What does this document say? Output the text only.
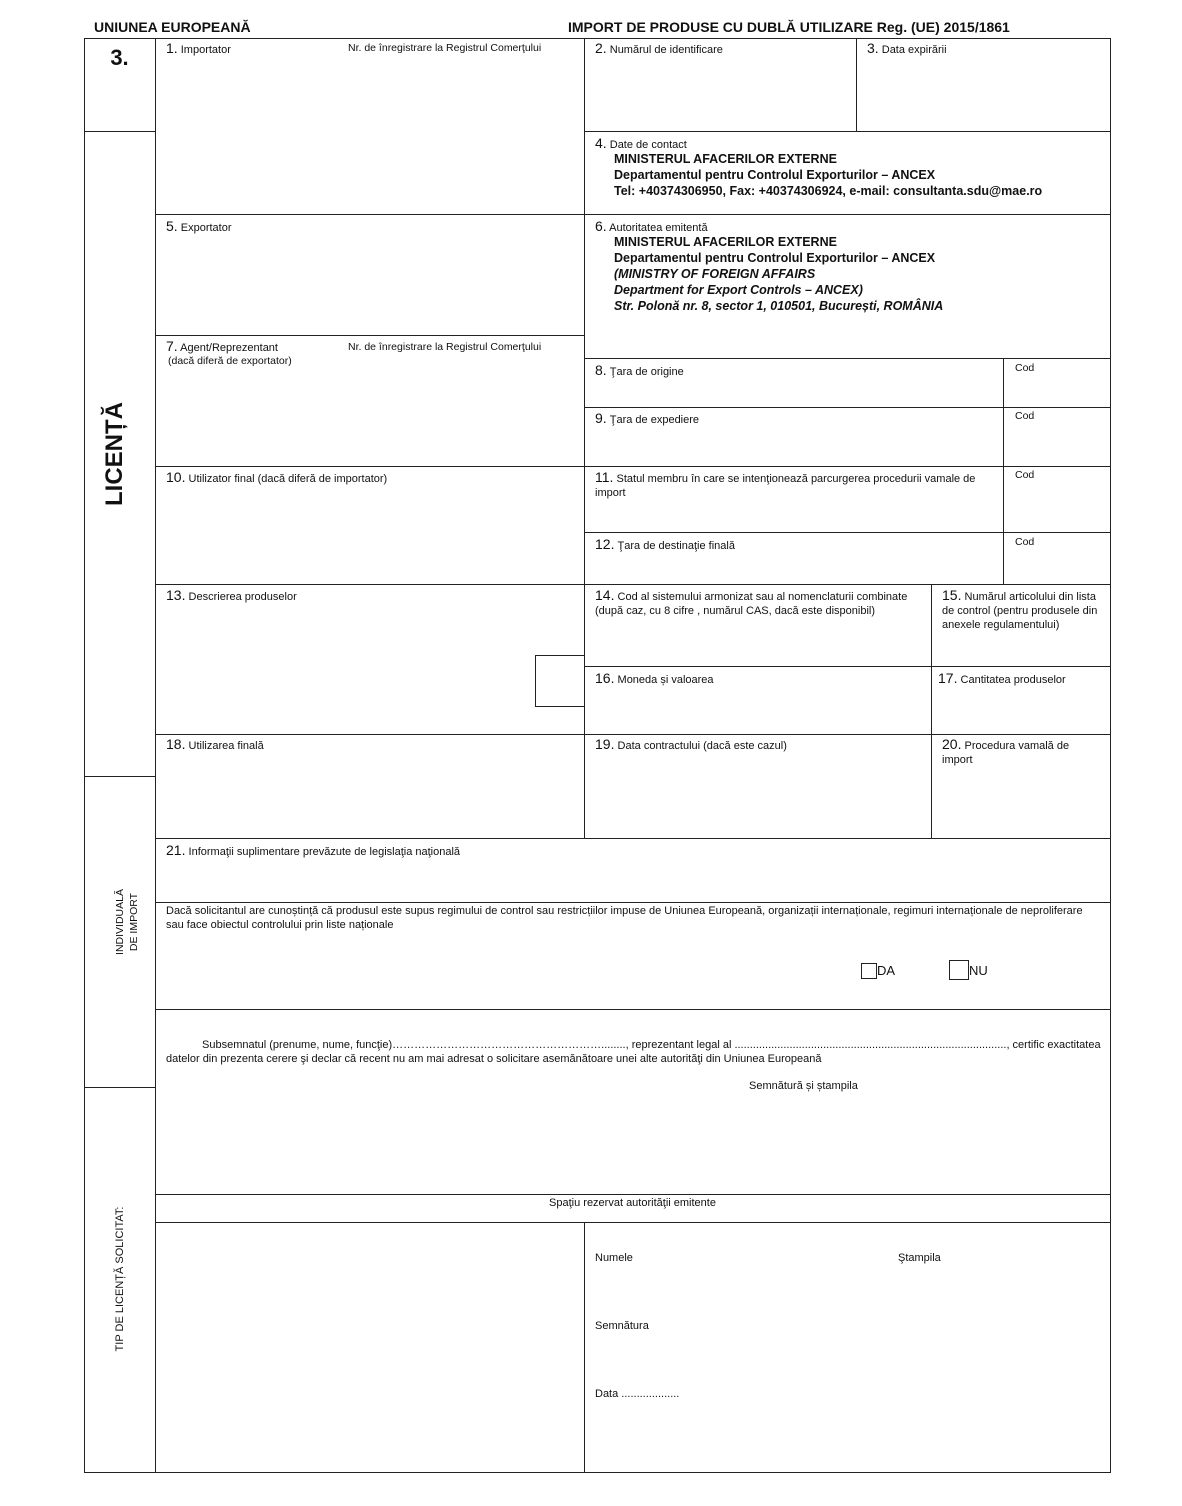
UNIUNEA EUROPEANĂ	IMPORT DE PRODUSE CU DUBLĂ UTILIZARE Reg. (UE) 2015/1861
3.
LICENȚĂ
INDIVIDUALĂ DE IMPORT
TIP DE LICENȚĂ SOLICITAT:
1. Importator	Nr. de înregistrare la Registrul Comerţului	2. Numărul de identificare	3. Data expirării
4. Date de contact
MINISTERUL AFACERILOR EXTERNE
Departamentul pentru Controlul Exporturilor – ANCEX
Tel: +40374306950, Fax: +40374306924, e-mail: consultanta.sdu@mae.ro
5. Exportator	6. Autoritatea emitentă
MINISTERUL AFACERILOR EXTERNE
Departamentul pentru Controlul Exporturilor – ANCEX
(MINISTRY OF FOREIGN AFFAIRS
Department for Export Controls – ANCEX)
Str. Polonă nr. 8, sector 1, 010501, București, ROMÂNIA
7. Agent/Reprezentant
(dacă diferă de exportator)
Nr. de înregistrare la Registrul Comerţului
8. Ţara de origine	Cod
9. Ţara de expediere	Cod
10. Utilizator final (dacă diferă de importator)	11. Statul membru în care se intenţionează parcurgerea procedurii vamale de import
Cod
12. Ţara de destinaţie finală	Cod
13. Descrierea produselor	14. Cod al sistemului armonizat sau al nomenclaturii combinate (după caz, cu 8 cifre , numărul CAS, dacă este disponibil)
15. Numărul articolului din lista de control (pentru produsele din anexele regulamentului)
16. Moneda și valoarea	17. Cantitatea produselor
18. Utilizarea finală	19. Data contractului (dacă este cazul)	20. Procedura vamală de import
21. Informaţii suplimentare prevăzute de legislaţia naţională
Dacă solicitantul are cunoștință că produsul este supus regimului de control sau restricțiilor impuse de Uniunea Europeană, organizații internaționale, regimuri internaționale de neproliferare sau face obiectul controlului prin liste naționale
DA	NU
Subsemnatul (prenume, nume, funcţie)…………………………………………………........, reprezentant legal al ........................................................................................., certific exactitatea datelor din prezenta cerere şi declar că recent nu am mai adresat o solicitare asemănătoare unei alte autorităţi din Uniunea Europeană
Semnătură și ștampila
Spaţiu rezervat autorităţii emitente
Numele	Ştampila
Semnătura
Data ...................
